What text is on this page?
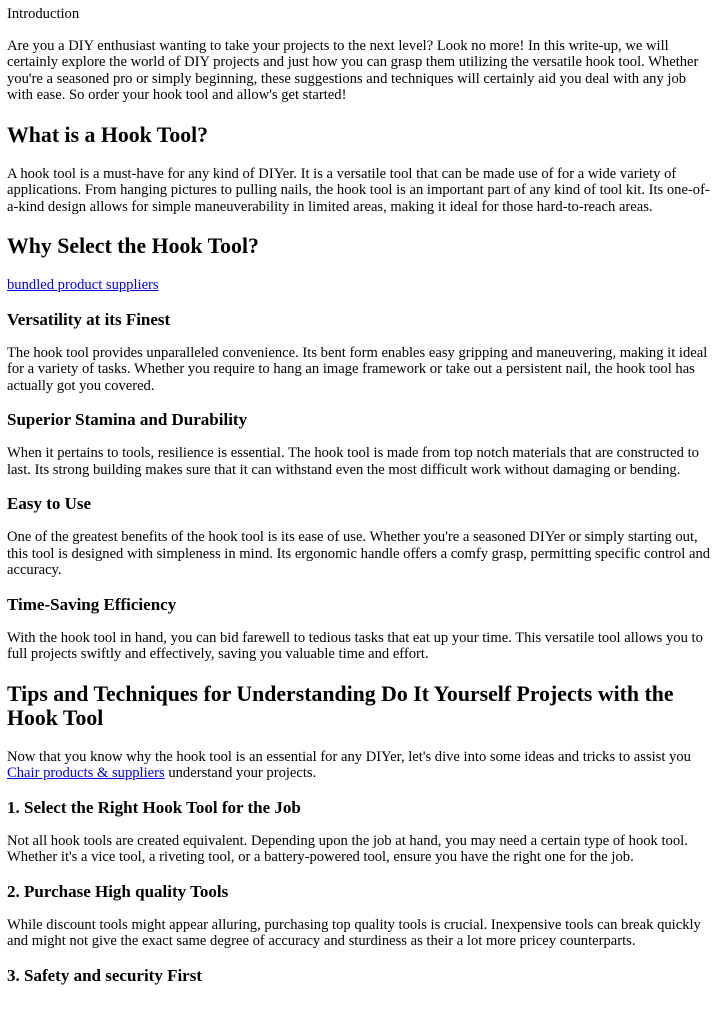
Introduction

Are you a DIY enthusiast wanting to take your projects to the next level? Look no more! In this write-up, we will certainly explore the world of DIY projects and just how you can grasp them utilizing the versatile hook tool. Whether you're a seasoned pro or simply beginning, these suggestions and techniques will certainly aid you deal with any job with ease. So order your hook tool and allow's get started!

What is a Hook Tool?

A hook tool is a must-have for any kind of DIYer. It is a versatile tool that can be made use of for a wide variety of applications. From hanging pictures to pulling nails, the hook tool is an important part of any kind of tool kit. Its one-of-a-kind design allows for simple maneuverability in limited areas, making it ideal for those hard-to-reach areas.

Why Select the Hook Tool?

bundled product suppliers

Versatility at its Finest

The hook tool provides unparalleled convenience. Its bent form enables easy gripping and maneuvering, making it ideal for a variety of tasks. Whether you require to hang an image framework or take out a persistent nail, the hook tool has actually got you covered.

Superior Stamina and Durability

When it pertains to tools, resilience is essential. The hook tool is made from top notch materials that are constructed to last. Its strong building makes sure that it can withstand even the most difficult work without damaging or bending.

Easy to Use

One of the greatest benefits of the hook tool is its ease of use. Whether you're a seasoned DIYer or simply starting out, this tool is designed with simpleness in mind. Its ergonomic handle offers a comfy grasp, permitting specific control and accuracy.

Time-Saving Efficiency

With the hook tool in hand, you can bid farewell to tedious tasks that eat up your time. This versatile tool allows you to full projects swiftly and effectively, saving you valuable time and effort.

Tips and Techniques for Understanding Do It Yourself Projects with the Hook Tool

Now that you know why the hook tool is an essential for any DIYer, let's dive into some ideas and tricks to assist you Chair products & suppliers understand your projects.

1. Select the Right Hook Tool for the Job

Not all hook tools are created equivalent. Depending upon the job at hand, you may need a certain type of hook tool. Whether it's a vice tool, a riveting tool, or a battery-powered tool, ensure you have the right one for the job.

2. Purchase High quality Tools

While discount tools might appear alluring, purchasing top quality tools is crucial. Inexpensive tools can break quickly and might not give the exact same degree of accuracy and sturdiness as their a lot more pricey counterparts.

3. Safety and security First
